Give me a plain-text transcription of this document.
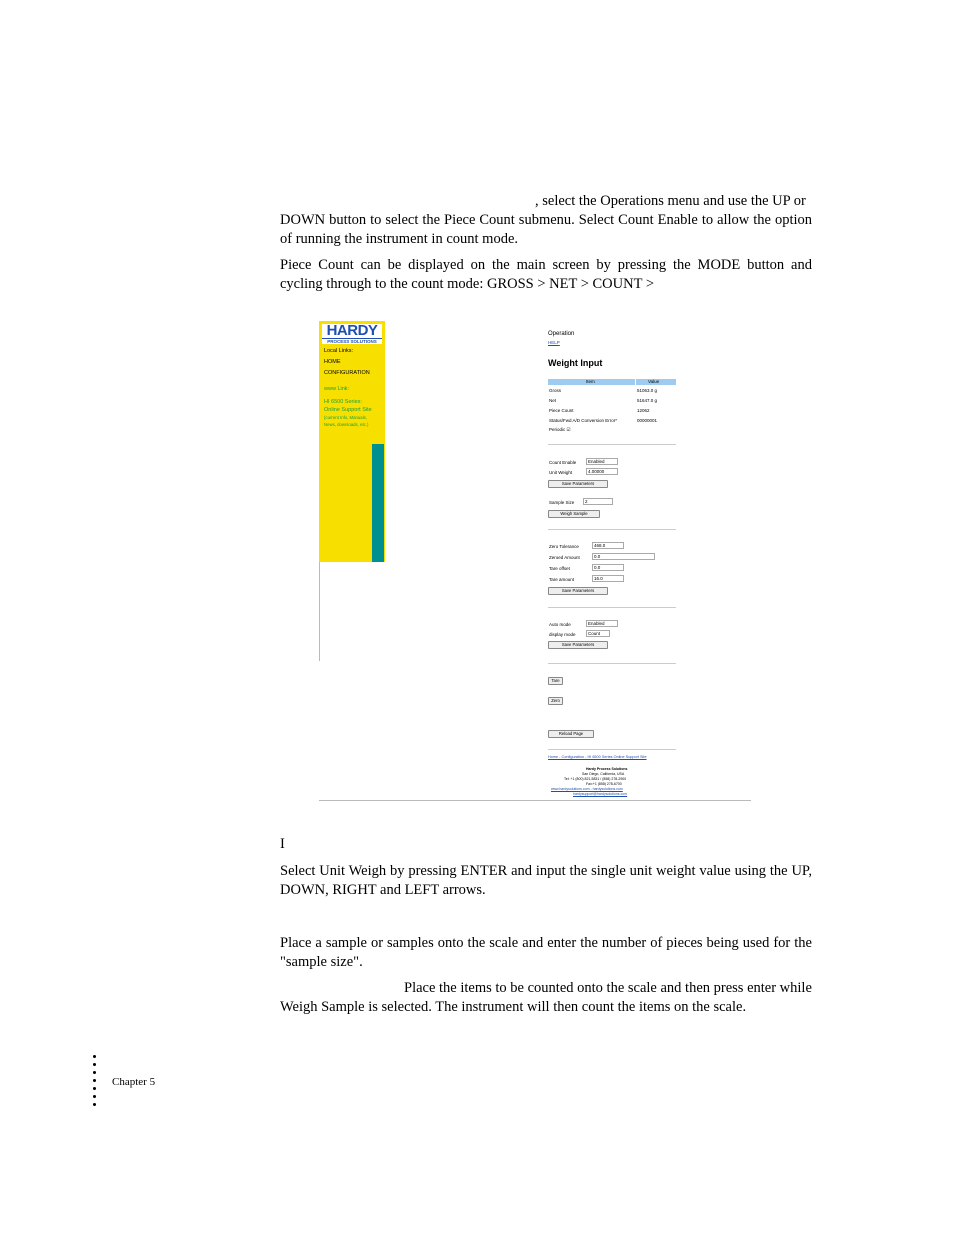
, select the Operations menu and use the UP or
DOWN button to select the Piece Count submenu. Select Count Enable to allow the option of running the instrument in count mode.
Piece Count can be displayed on the main screen by pressing the MODE button and cycling through to the count mode: GROSS > NET > COUNT >
HARDY
PROCESS SOLUTIONS
Local Links:
HOME
CONFIGURATION
www Link:
HI 6500 Series:
Online Support Site
(current Info, Manuals,
News, downloads, etc.)
Operation
HELP
Weight Input
Item	Value
Gross	51063.0 g
Net	51647.0 g
Piece Count	12062
Status/Fwd A/D Conversion Error*	00000001
Periodic ☑
Count Enable	Enabled
Unit Weight	4.00000
Save Parameters
Sample Size 2
Weigh Sample
Zero Tolerance	468.0
Zeroed Amount	0.0
Tare offset	0.0
Tare amount	16.0
Save Parameters
Auto mode	Enabled
display mode	Count
Save Parameters
Tare
Zero
Reload Page
Home - Configuration - HI 6500 Series Online Support Site
Hardy Process Solutions
San Diego, California, USA
Tel: +1 (800) 821-5831 / (858) 278-2900
Fax:+1 (858) 278-6700
www.hardysolutions.com - hardysolutions.com
hardysupport@hardysolutions.com
I
Select Unit Weigh by pressing ENTER and input the single unit weight value using the UP, DOWN, RIGHT and LEFT arrows.
Place a sample or samples onto the scale and enter the number of pieces being used for the "sample size".
Place the items to be counted onto the scale and then press enter while
Weigh Sample is selected. The instrument will then count the items on the scale.
Chapter 5
